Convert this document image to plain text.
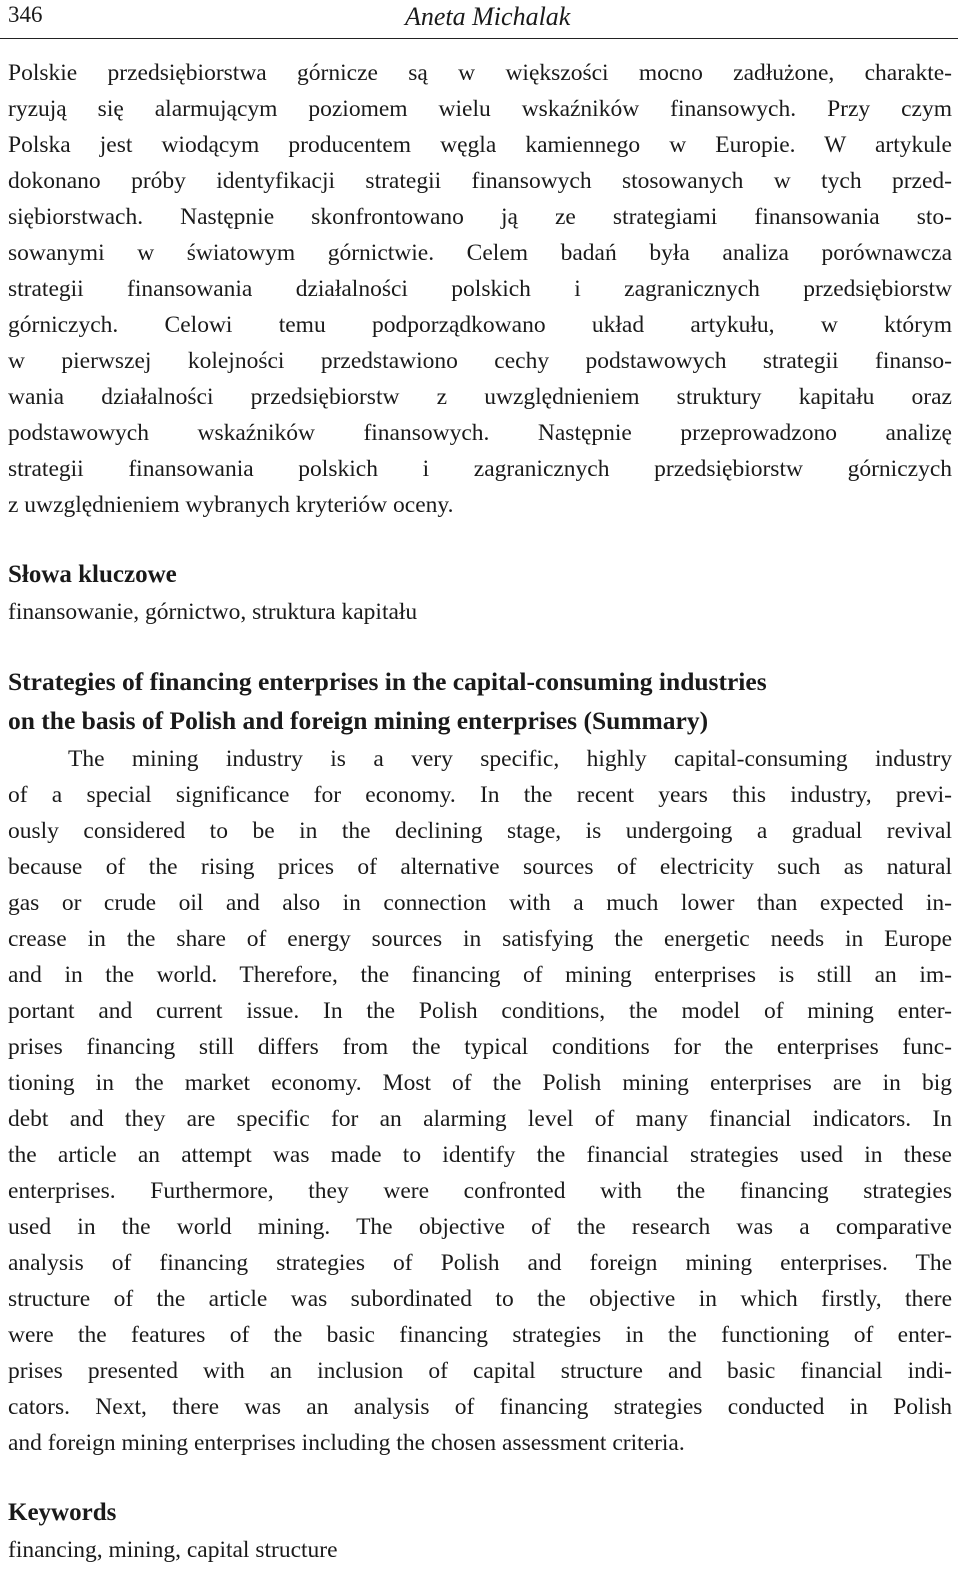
346	Aneta Michalak
Polskie przedsiębiorstwa górnicze są w większości mocno zadłużone, charakte-
ryzują się alarmującym poziomem wielu wskaźników finansowych. Przy czym
Polska jest wiodącym producentem węgla kamiennego w Europie. W artykule
dokonano próby identyfikacji strategii finansowych stosowanych w tych przed-
siębiorstwach. Następnie skonfrontowano ją ze strategiami finansowania sto-
sowanymi w światowym górnictwie. Celem badań była analiza porównawcza
strategii finansowania działalności polskich i zagranicznych przedsiębiorstw
górniczych. Celowi temu podporządkowano układ artykułu, w którym
w pierwszej kolejności przedstawiono cechy podstawowych strategii finanso-
wania działalności przedsiębiorstw z uwzględnieniem struktury kapitału oraz
podstawowych wskaźników finansowych. Następnie przeprowadzono analizę
strategii finansowania polskich i zagranicznych przedsiębiorstw górniczych
z uwzględnieniem wybranych kryteriów oceny.
Słowa kluczowe
finansowanie, górnictwo, struktura kapitału
Strategies of financing enterprises in the capital-consuming industries
on the basis of Polish and foreign mining enterprises (Summary)
The mining industry is a very specific, highly capital-consuming industry
of a special significance for economy. In the recent years this industry, previ-
ously considered to be in the declining stage, is undergoing a gradual revival
because of the rising prices of alternative sources of electricity such as natural
gas or crude oil and also in connection with a much lower than expected in-
crease in the share of energy sources in satisfying the energetic needs in Europe
and in the world. Therefore, the financing of mining enterprises is still an im-
portant and current issue. In the Polish conditions, the model of mining enter-
prises financing still differs from the typical conditions for the enterprises func-
tioning in the market economy. Most of the Polish mining enterprises are in big
debt and they are specific for an alarming level of many financial indicators. In
the article an attempt was made to identify the financial strategies used in these
enterprises. Furthermore, they were confronted with the financing strategies
used in the world mining. The objective of the research was a comparative
analysis of financing strategies of Polish and foreign mining enterprises. The
structure of the article was subordinated to the objective in which firstly, there
were the features of the basic financing strategies in the functioning of enter-
prises presented with an inclusion of capital structure and basic financial indi-
cators. Next, there was an analysis of financing strategies conducted in Polish
and foreign mining enterprises including the chosen assessment criteria.
Keywords
financing, mining, capital structure
